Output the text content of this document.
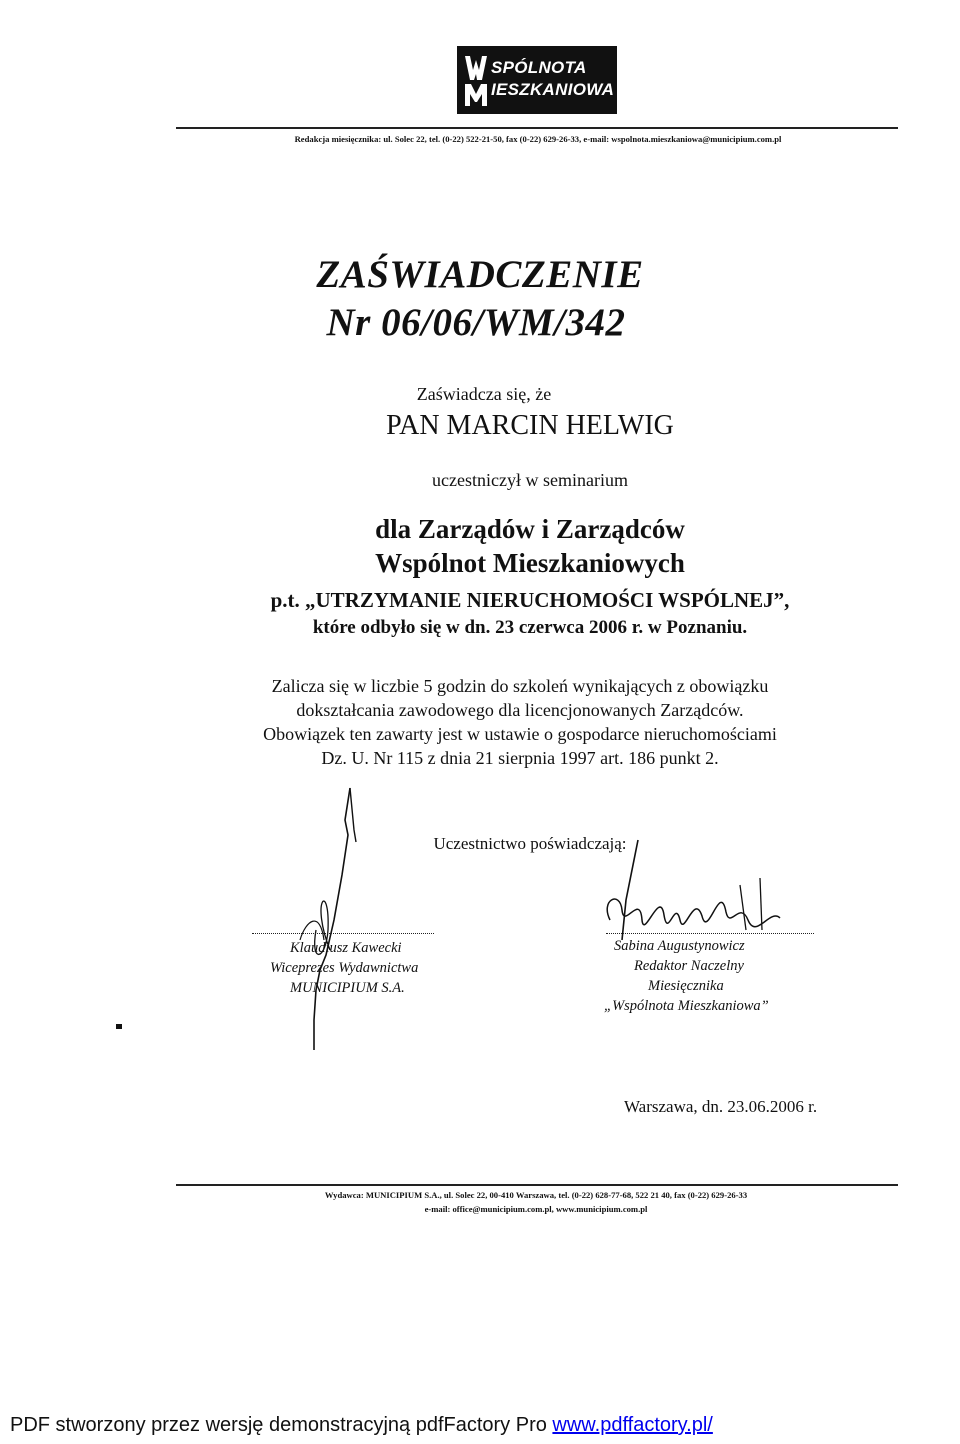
SPÓLNOTA
IESZKANIOWA
Redakcja miesięcznika: ul. Solec 22, tel. (0-22) 522-21-50, fax (0-22) 629-26-33, e-mail: wspolnota.mieszkaniowa@municipium.com.pl
ZAŚWIADCZENIE
Nr 06/06/WM/342
Zaświadcza się, że
PAN MARCIN HELWIG
uczestniczył w seminarium
dla Zarządów i Zarządców
Wspólnot Mieszkaniowych
p.t. „UTRZYMANIE NIERUCHOMOŚCI WSPÓLNEJ”,
które odbyło się w dn. 23 czerwca 2006 r. w Poznaniu.
Zalicza się w liczbie 5 godzin do szkoleń wynikających z obowiązku
dokształcania zawodowego dla licencjonowanych Zarządców.
Obowiązek ten zawarty jest w ustawie o gospodarce nieruchomościami
Dz. U. Nr 115 z dnia 21 sierpnia 1997 art. 186 punkt 2.
Uczestnictwo poświadczają:
Klaudiusz Kawecki
Wiceprezes Wydawnictwa
MUNICIPIUM S.A.
Sabina Augustynowicz
Redaktor Naczelny
Miesięcznika
„Wspólnota Mieszkaniowa”
Warszawa, dn. 23.06.2006 r.
Wydawca: MUNICIPIUM S.A., ul. Solec 22, 00-410 Warszawa, tel. (0-22) 628-77-68, 522 21 40, fax (0-22) 629-26-33
e-mail: office@municipium.com.pl, www.municipium.com.pl
PDF stworzony przez wersję demonstracyjną pdfFactory Pro www.pdffactory.pl/
